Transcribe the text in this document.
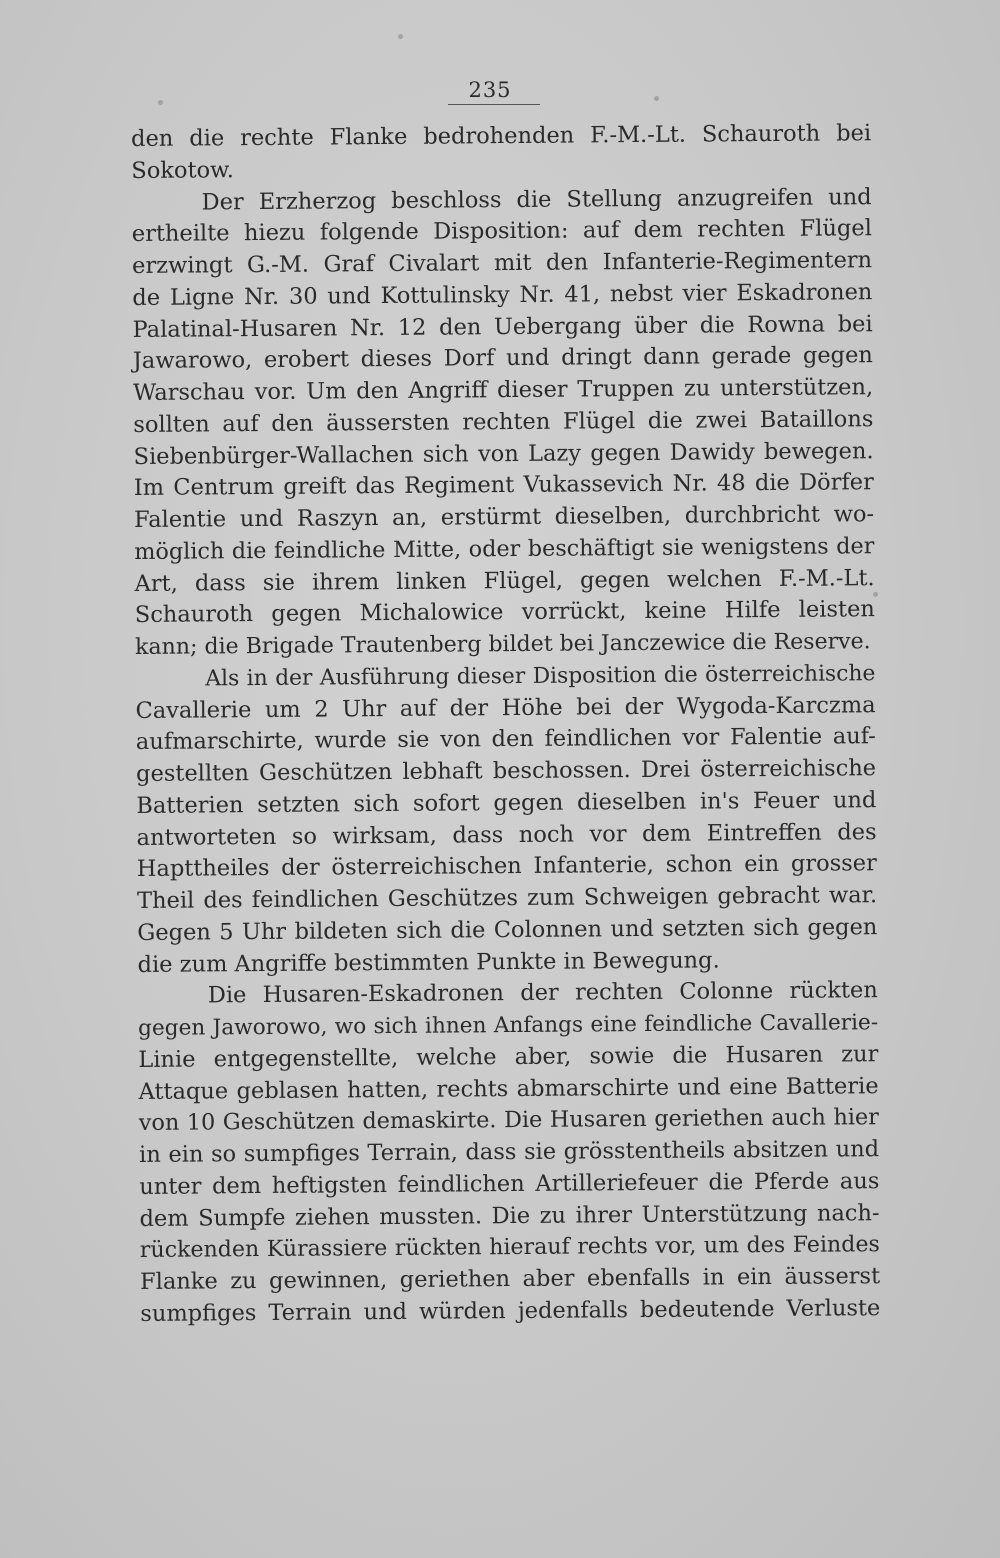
235
den die rechte Flanke bedrohenden F.-M.-Lt. Schauroth bei
Sokotow.
Der Erzherzog beschloss die Stellung anzugreifen und
ertheilte hiezu folgende Disposition: auf dem rechten Flügel
erzwingt G.-M. Graf Civalart mit den Infanterie-Regimentern
de Ligne Nr. 30 und Kottulinsky Nr. 41, nebst vier Eskadronen
Palatinal-Husaren Nr. 12 den Uebergang über die Rowna bei
Jawarowo, erobert dieses Dorf und dringt dann gerade gegen
Warschau vor. Um den Angriff dieser Truppen zu unterstützen,
sollten auf den äussersten rechten Flügel die zwei Bataillons
Siebenbürger-Wallachen sich von Lazy gegen Dawidy bewegen.
Im Centrum greift das Regiment Vukassevich Nr. 48 die Dörfer
Falentie und Raszyn an, erstürmt dieselben, durchbricht wo-
möglich die feindliche Mitte, oder beschäftigt sie wenigstens der
Art, dass sie ihrem linken Flügel, gegen welchen F.-M.-Lt.
Schauroth gegen Michalowice vorrückt, keine Hilfe leisten
kann; die Brigade Trautenberg bildet bei Janczewice die Reserve.
Als in der Ausführung dieser Disposition die österreichische
Cavallerie um 2 Uhr auf der Höhe bei der Wygoda-Karczma
aufmarschirte, wurde sie von den feindlichen vor Falentie auf-
gestellten Geschützen lebhaft beschossen. Drei österreichische
Batterien setzten sich sofort gegen dieselben in's Feuer und
antworteten so wirksam, dass noch vor dem Eintreffen des
Hapttheiles der österreichischen Infanterie, schon ein grosser
Theil des feindlichen Geschützes zum Schweigen gebracht war.
Gegen 5 Uhr bildeten sich die Colonnen und setzten sich gegen
die zum Angriffe bestimmten Punkte in Bewegung.
Die Husaren-Eskadronen der rechten Colonne rückten
gegen Jaworowo, wo sich ihnen Anfangs eine feindliche Cavallerie-
Linie entgegenstellte, welche aber, sowie die Husaren zur
Attaque geblasen hatten, rechts abmarschirte und eine Batterie
von 10 Geschützen demaskirte. Die Husaren geriethen auch hier
in ein so sumpfiges Terrain, dass sie grösstentheils absitzen und
unter dem heftigsten feindlichen Artilleriefeuer die Pferde aus
dem Sumpfe ziehen mussten. Die zu ihrer Unterstützung nach-
rückenden Kürassiere rückten hierauf rechts vor, um des Feindes
Flanke zu gewinnen, geriethen aber ebenfalls in ein äusserst
sumpfiges Terrain und würden jedenfalls bedeutende Verluste
